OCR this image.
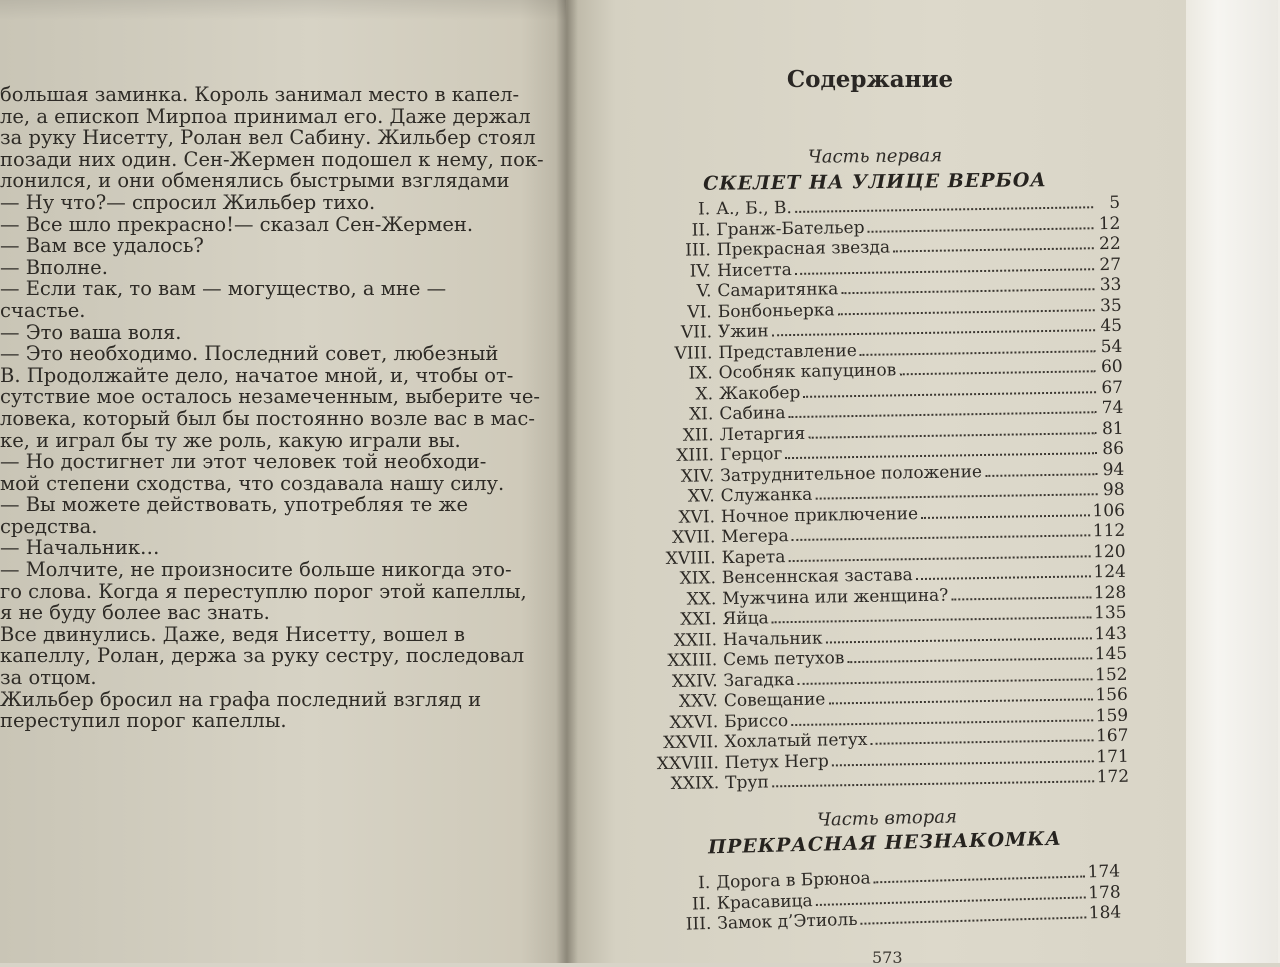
большая заминка. Король занимал место в капел-

ле, а епископ Мирпоа принимал его. Даже держал

за руку Нисетту, Ролан вел Сабину. Жильбер стоял

позади них один. Сен-Жермен подошел к нему, пок-

лонился, и они обменялись быстрыми взглядами

— Ну что?— спросил Жильбер тихо.

— Все шло прекрасно!— сказал Сен-Жермен.

— Вам все удалось?

— Вполне.

— Если так, то вам — могущество, а мне —

счастье.

— Это ваша воля.

— Это необходимо. Последний совет, любезный

В. Продолжайте дело, начатое мной, и, чтобы от-

сутствие мое осталось незамеченным, выберите че-

ловека, который был бы постоянно возле вас в мас-

ке, и играл бы ту же роль, какую играли вы.

— Но достигнет ли этот человек той необходи-

мой степени сходства, что создавала нашу силу.

— Вы можете действовать, употребляя те же

средства.

— Начальник…

— Молчите, не произносите больше никогда это-

го слова. Когда я переступлю порог этой капеллы,

я не буду более вас знать.

Все двинулись. Даже, ведя Нисетту, вошел в

капеллу, Ролан, держа за руку сестру, последовал

за отцом.

Жильбер бросил на графа последний взгляд и

переступил порог капеллы.

Содержание
Часть первая
СКЕЛЕТ НА УЛИЦЕ ВЕРБОА
I. А., Б., В.	5
II. Гранж-Бательер	12
III. Прекрасная звезда	22
IV. Нисетта	27
V. Самаритянка	33
VI. Бонбоньерка	35
VII. Ужин	45
VIII. Представление	54
IX. Особняк капуцинов	60
X. Жакобер	67
XI. Сабина	74
XII. Летаргия	81
XIII. Герцог	86
XIV. Затруднительное положение	94
XV. Служанка	98
XVI. Ночное приключение	106
XVII. Мегера	112
XVIII. Карета	120
XIX. Венсеннская застава	124
XX. Мужчина или женщина?	128
XXI. Яйца	135
XXII. Начальник	143
XXIII. Семь петухов	145
XXIV. Загадка	152
XXV. Совещание	156
XXVI. Бриссо	159
XXVII. Хохлатый петух	167
XXVIII. Петух Негр	171
XXIX. Труп	172
Часть вторая
ПРЕКРАСНАЯ НЕЗНАКОМКА
I. Дорога в Брюноа	174
II. Красавица	178
III. Замок д’Этиоль	184
573
